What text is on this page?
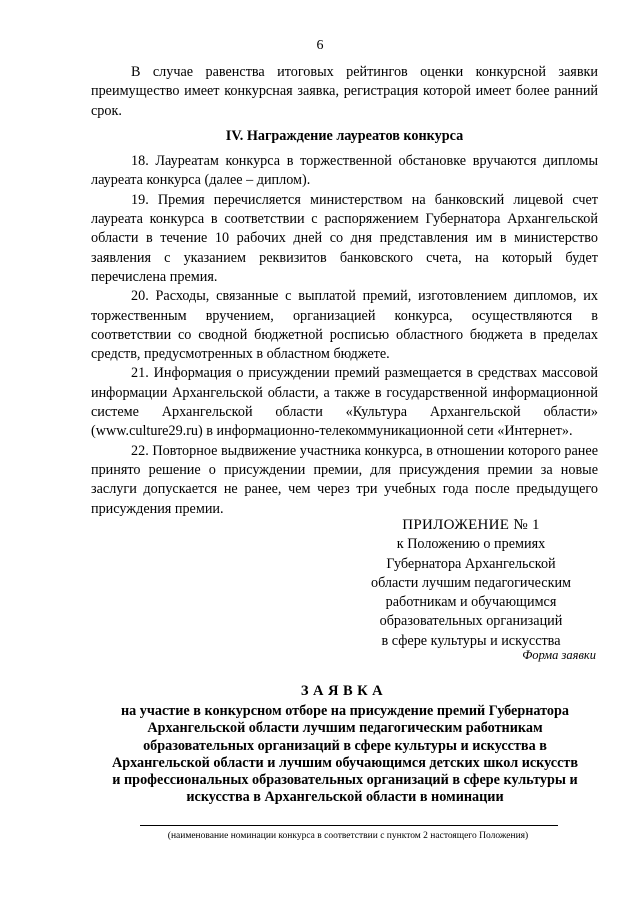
6

В случае равенства итоговых рейтингов оценки конкурсной заявки преимущество имеет конкурсная заявка, регистрация которой имеет более ранний срок.

IV. Награждение лауреатов конкурса

18. Лауреатам конкурса в торжественной обстановке вручаются дипломы лауреата конкурса (далее – диплом).

19. Премия перечисляется министерством на банковский лицевой счет лауреата конкурса в соответствии с распоряжением Губернатора Архангельской области в течение 10 рабочих дней со дня представления им в министерство заявления с указанием реквизитов банковского счета, на который будет перечислена премия.

20. Расходы, связанные с выплатой премий, изготовлением дипломов, их торжественным вручением, организацией конкурса, осуществляются в соответствии со сводной бюджетной росписью областного бюджета в пределах средств, предусмотренных в областном бюджете.

21. Информация о присуждении премий размещается в средствах массовой информации Архангельской области, а также в государственной информационной системе Архангельской области «Культура Архангельской области» (www.culture29.ru) в информационно-телекоммуникационной сети «Интернет».

22. Повторное выдвижение участника конкурса, в отношении которого ранее принято решение о присуждении премии, для присуждения премии за новые заслуги допускается не ранее, чем через три учебных года после предыдущего присуждения премии.

ПРИЛОЖЕНИЕ № 1
к Положению о премиях
Губернатора Архангельской
области лучшим педагогическим
работникам и обучающимся
образовательных организаций
в сфере культуры и искусства
Форма заявки
ЗАЯВКА
на участие в конкурсном отборе на присуждение премий Губернатора Архангельской области лучшим педагогическим работникам образовательных организаций в сфере культуры и искусства в Архангельской области и лучшим обучающимся детских школ искусств и профессиональных образовательных организаций в сфере культуры и искусства в Архангельской области в номинации
(наименование номинации конкурса в соответствии с пунктом 2 настоящего Положения)
